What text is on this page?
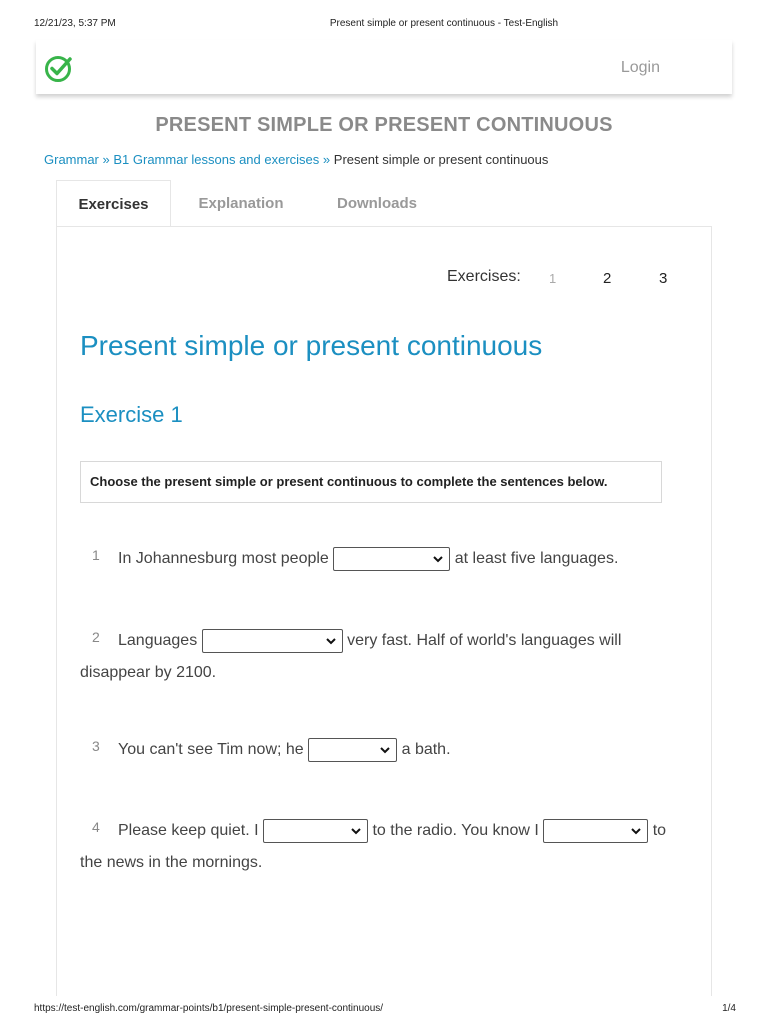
12/21/23, 5:37 PM	Present simple or present continuous - Test-English
Login
PRESENT SIMPLE OR PRESENT CONTINUOUS
Grammar » B1 Grammar lessons and exercises » Present simple or present continuous
Exercises	Explanation	Downloads
Exercises: 1	2	3
Present simple or present continuous
Exercise 1
Choose the present simple or present continuous to complete the sentences below.
1 In Johannesburg most people	at least five languages.
2 Languages	very fast. Half of world's languages will
disappear by 2100.
3 You can't see Tim now; he	a bath.
4 Please keep quiet. I	to the radio. You know I	to
the news in the mornings.
https://test-english.com/grammar-points/b1/present-simple-present-continuous/	1/4
